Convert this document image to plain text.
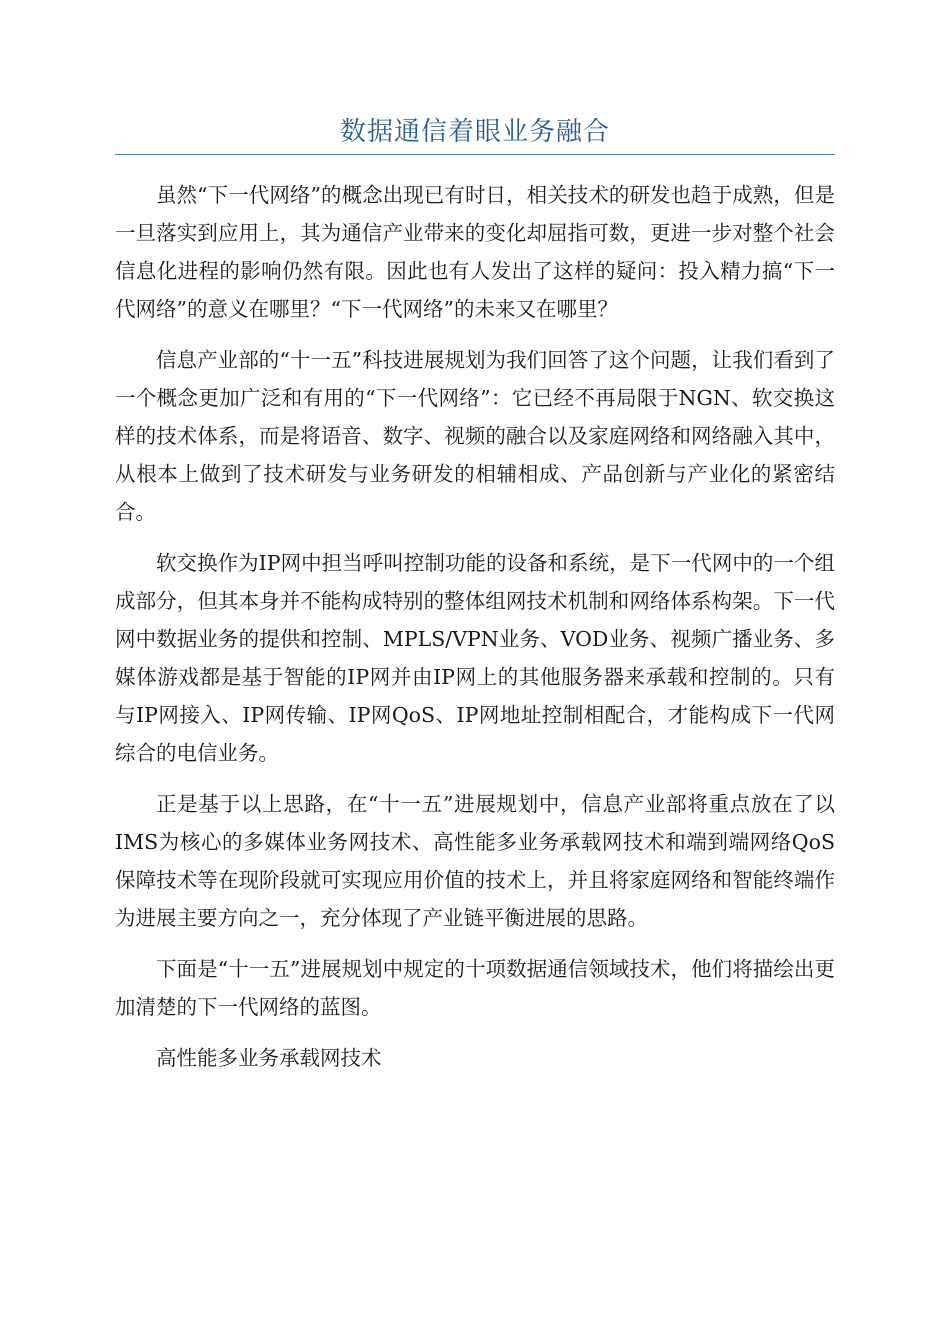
数据通信着眼业务融合

虽然“下一代网络”的概念出现已有时日，相关技术的研发也趋于成熟，但是一旦落实到应用上，其为通信产业带来的变化却屈指可数，更进一步对整个社会信息化进程的影响仍然有限。因此也有人发出了这样的疑问：投入精力搞“下一代网络”的意义在哪里？“下一代网络”的未来又在哪里？

信息产业部的“十一五”科技进展规划为我们回答了这个问题，让我们看到了一个概念更加广泛和有用的“下一代网络”：它已经不再局限于NGN、软交换这样的技术体系，而是将语音、数字、视频的融合以及家庭网络和网络融入其中，从根本上做到了技术研发与业务研发的相辅相成、产品创新与产业化的紧密结合。

软交换作为IP网中担当呼叫控制功能的设备和系统，是下一代网中的一个组成部分，但其本身并不能构成特别的整体组网技术机制和网络体系构架。下一代网中数据业务的提供和控制、MPLS/VPN业务、VOD业务、视频广播业务、多媒体游戏都是基于智能的IP网并由IP网上的其他服务器来承载和控制的。只有与IP网接入、IP网传输、IP网QoS、IP网地址控制相配合，才能构成下一代网综合的电信业务。

正是基于以上思路，在“十一五”进展规划中，信息产业部将重点放在了以IMS为核心的多媒体业务网技术、高性能多业务承载网技术和端到端网络QoS保障技术等在现阶段就可实现应用价值的技术上，并且将家庭网络和智能终端作为进展主要方向之一，充分体现了产业链平衡进展的思路。

下面是“十一五”进展规划中规定的十项数据通信领域技术，他们将描绘出更加清楚的下一代网络的蓝图。

高性能多业务承载网技术
